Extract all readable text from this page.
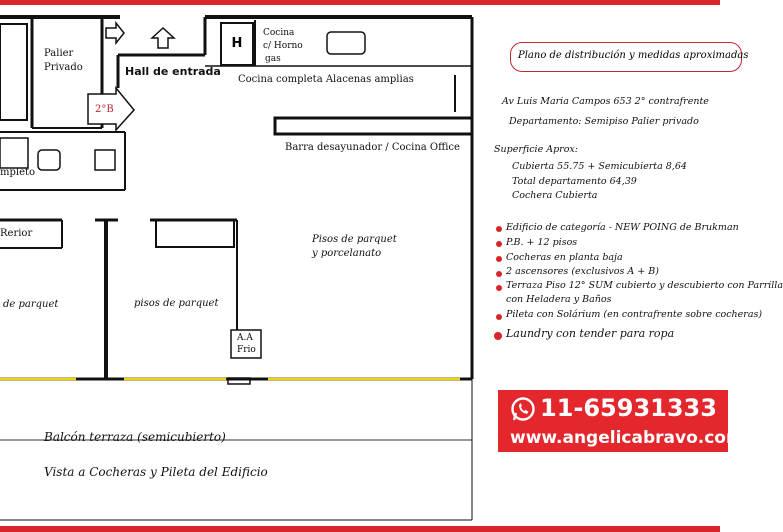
Palier
Privado	Hall de entrada
H
Cocina
c/ Horno
gas
Cocina completa Alacenas amplias
2°B
Barra desayunador / Cocina Office
mpleto
Rerior
Pisos de parquet
y porcelanato
de parquet	pisos de parquet
A.A
Frio
Balcón terraza (semicubierto)
Vista a Cocheras y Pileta del Edificio
Plano de distribución y medidas aproximadas
Av Luis Maria Campos 653 2° contrafrente
Departamento: Semipiso Palier privado
Superficie Aprox:
Cubierta 55.75 + Semicubierta 8,64
Total departamento 64,39
Cochera Cubierta
Edificio de categoría - NEW POING de Brukman
P.B. + 12 pisos
Cocheras en planta baja
2 ascensores (exclusivos A + B)
Terraza Piso 12° SUM cubierto y descubierto con Parrilla
con Heladera y Baños
Pileta con Solárium (en contrafrente sobre cocheras)
Laundry con tender para ropa
11-65931333
www.angelicabravo.com
